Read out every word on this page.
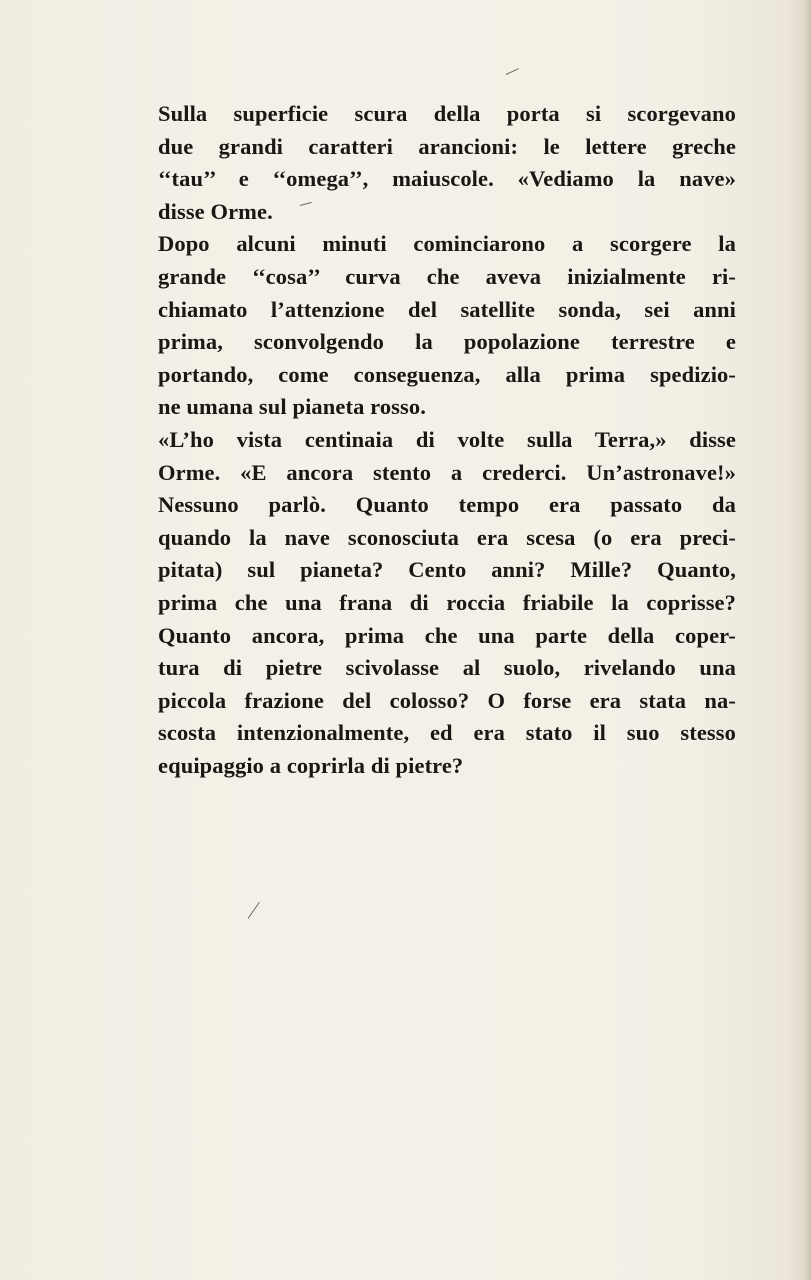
Sulla superficie scura della porta si scorgevano
due grandi caratteri arancioni: le lettere greche
‘‘tau’’ e ‘‘omega’’, maiuscole. «Vediamo la nave»
disse Orme.
Dopo alcuni minuti cominciarono a scorgere la
grande ‘‘cosa’’ curva che aveva inizialmente ri-
chiamato l’attenzione del satellite sonda, sei anni
prima, sconvolgendo la popolazione terrestre e
portando, come conseguenza, alla prima spedizio-
ne umana sul pianeta rosso.
«L’ho vista centinaia di volte sulla Terra,» disse
Orme. «E ancora stento a crederci. Un’astronave!»
Nessuno parlò. Quanto tempo era passato da
quando la nave sconosciuta era scesa (o era preci-
pitata) sul pianeta? Cento anni? Mille? Quanto,
prima che una frana di roccia friabile la coprisse?
Quanto ancora, prima che una parte della coper-
tura di pietre scivolasse al suolo, rivelando una
piccola frazione del colosso? O forse era stata na-
scosta intenzionalmente, ed era stato il suo stesso
equipaggio a coprirla di pietre?
